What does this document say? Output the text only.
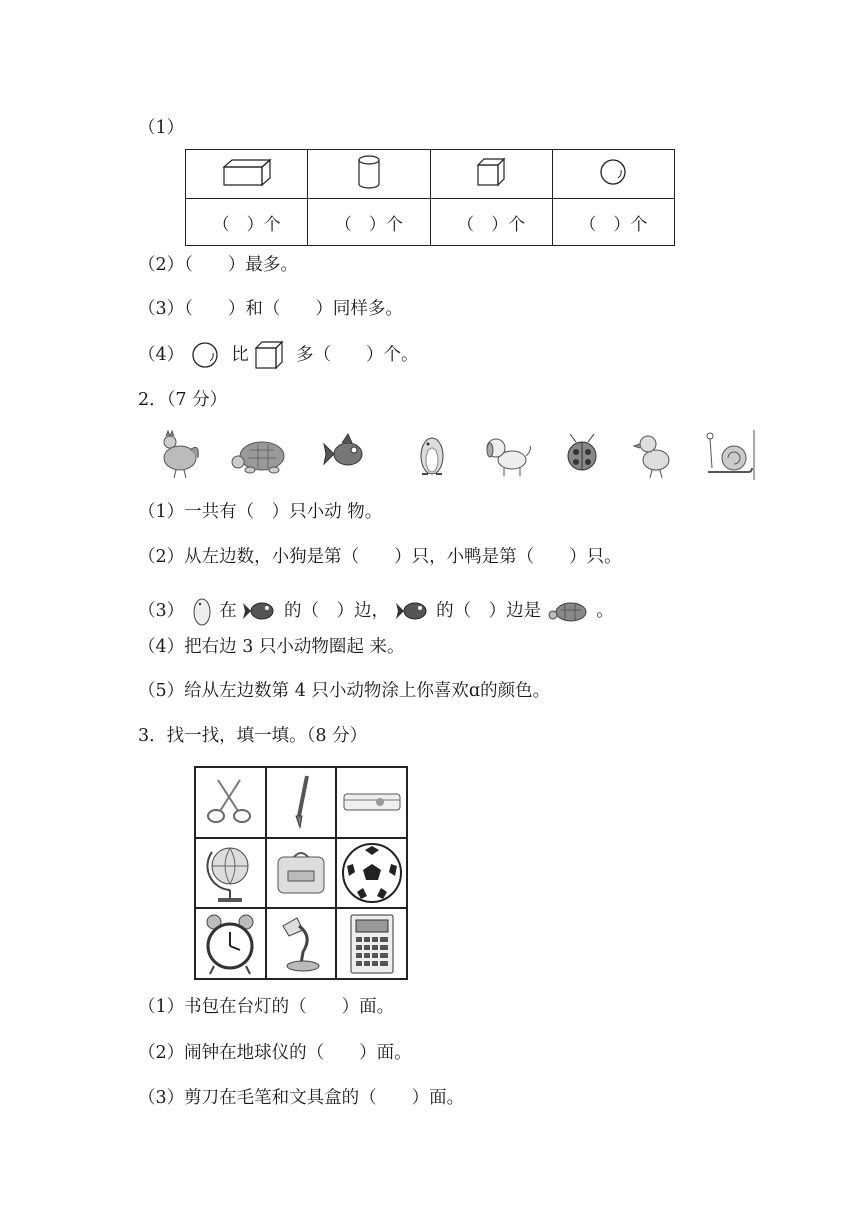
（1）

（　）个	（　）个	（　）个	（　）个
（2）（　　）最多。
（3）（　　）和（　　）同样多。
（4）	比	多（　　）个。
2．（7 分）
（1）一共有（　）只小动 物。
（2）从左边数，小狗是第（　　）只，小鸭是第（　　）只。
（3） 在	的（　）边，	的（　）边是	。
（4）把右边 3 只小动物圈起 来。
（5）给从左边数第 4 只小动物涂上你喜欢ɑ的颜色。
3．找一找，填一填。（8 分）
（1）书包在台灯的（　　）面。
（2）闹钟在地球仪的（　　）面。
（3）剪刀在毛笔和文具盒的（　　）面。
